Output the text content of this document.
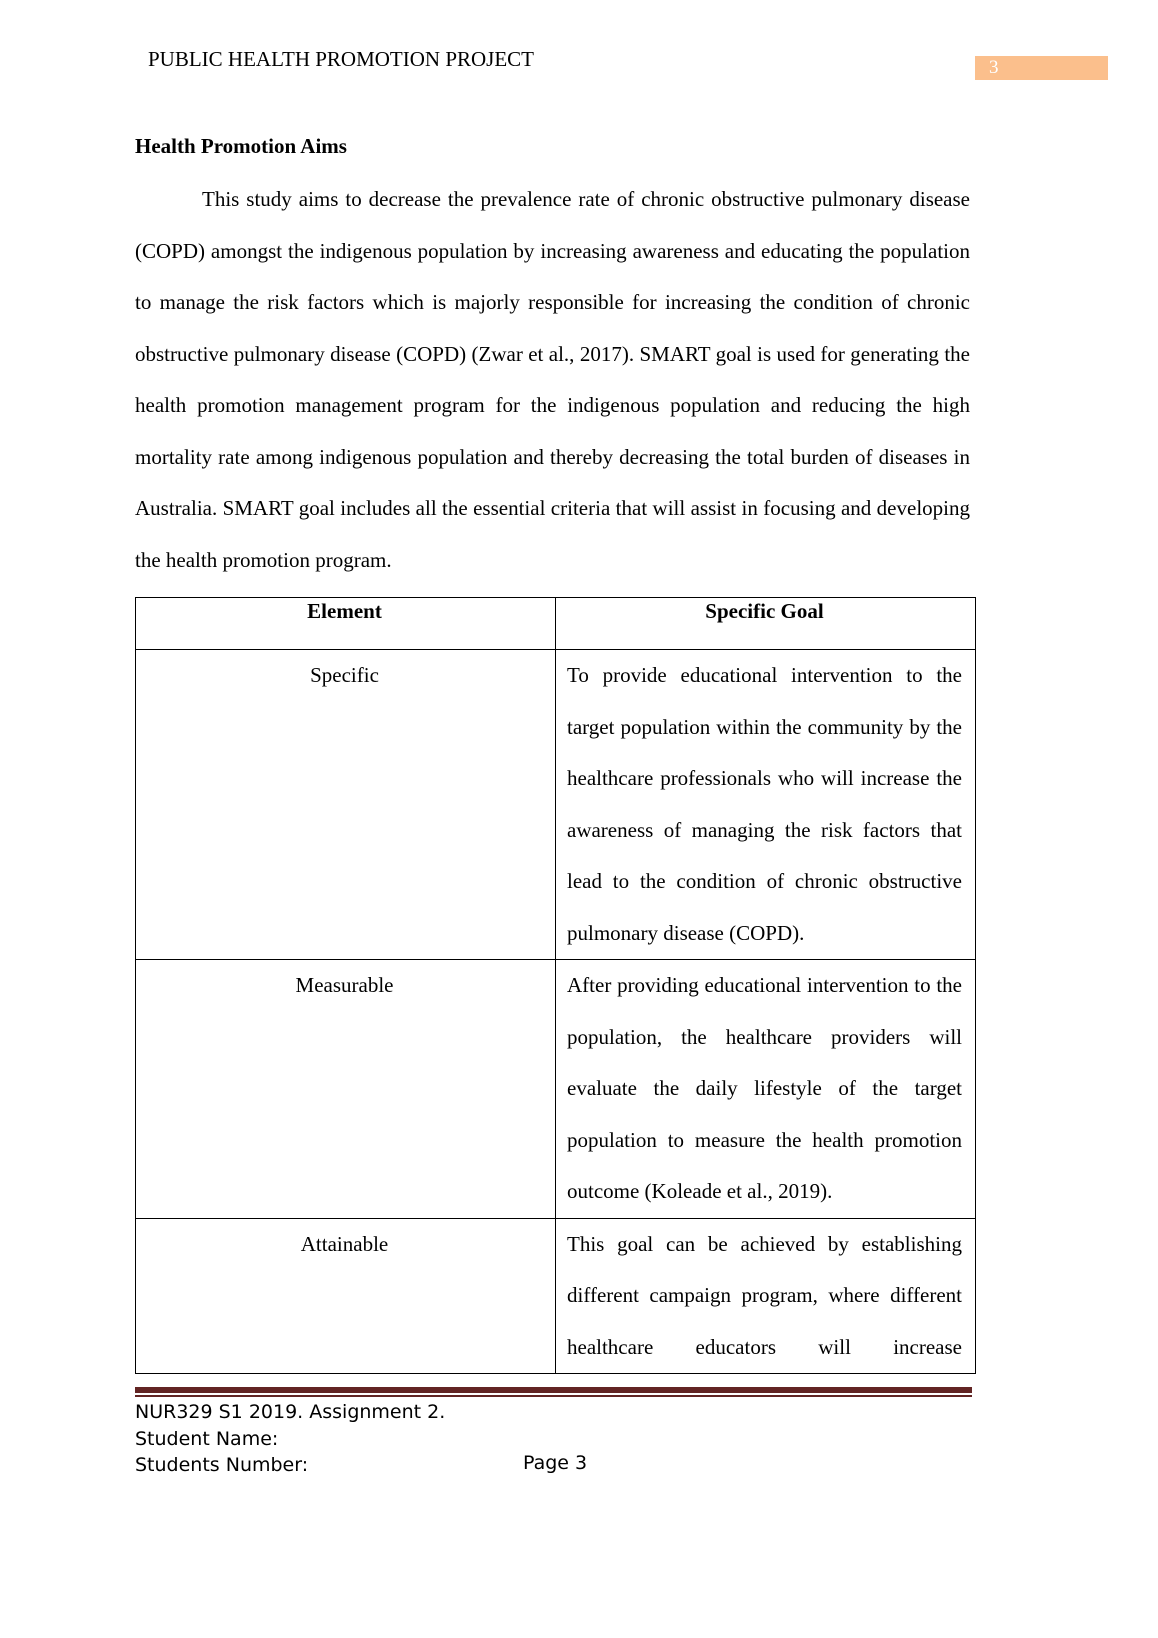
PUBLIC HEALTH PROMOTION PROJECT	3
Health Promotion Aims

This study aims to decrease the prevalence rate of chronic obstructive pulmonary disease (COPD) amongst the indigenous population by increasing awareness and educating the population to manage the risk factors which is majorly responsible for increasing the condition of chronic obstructive pulmonary disease (COPD) (Zwar et al., 2017). SMART goal is used for generating the health promotion management program for the indigenous population and reducing the high mortality rate among indigenous population and thereby decreasing the total burden of diseases in Australia. SMART goal includes all the essential criteria that will assist in focusing and developing the health promotion program.

Element	Specific Goal
Specific	To provide educational intervention to the target population within the community by the healthcare professionals who will increase the awareness of managing the risk factors that lead to the condition of chronic obstructive pulmonary disease (COPD).
Measurable	After providing educational intervention to the population, the healthcare providers will evaluate the daily lifestyle of the target population to measure the health promotion outcome (Koleade et al., 2019).
Attainable	This goal can be achieved by establishing different campaign program, where different healthcare educators will increase
NUR329 S1 2019. Assignment 2.
Student Name:
Students Number:	Page 3
